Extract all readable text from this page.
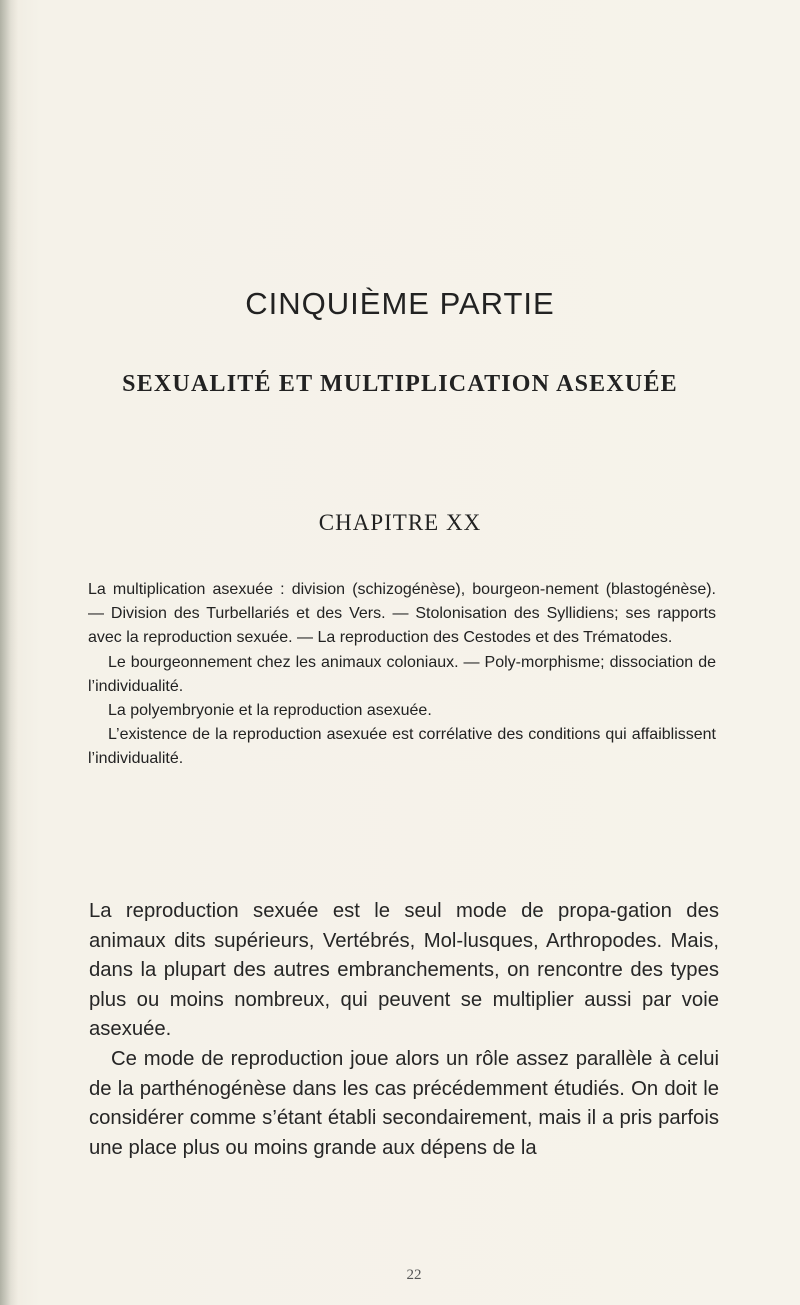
CINQUIÈME PARTIE
SEXUALITÉ ET MULTIPLICATION ASEXUÉE
CHAPITRE XX

La multiplication asexuée : division (schizogénèse), bourgeon-nement (blastogénèse). — Division des Turbellariés et des Vers. — Stolonisation des Syllidiens; ses rapports avec la reproduction sexuée. — La reproduction des Cestodes et des Trématodes.

Le bourgeonnement chez les animaux coloniaux. — Poly-morphisme; dissociation de l’individualité.

La polyembryonie et la reproduction asexuée.

L’existence de la reproduction asexuée est corrélative des conditions qui affaiblissent l’individualité.

La reproduction sexuée est le seul mode de propa-gation des animaux dits supérieurs, Vertébrés, Mol-lusques, Arthropodes. Mais, dans la plupart des autres embranchements, on rencontre des types plus ou moins nombreux, qui peuvent se multiplier aussi par voie asexuée.

Ce mode de reproduction joue alors un rôle assez parallèle à celui de la parthénogénèse dans les cas précédemment étudiés. On doit le considérer comme s’étant établi secondairement, mais il a pris parfois une place plus ou moins grande aux dépens de la

22
